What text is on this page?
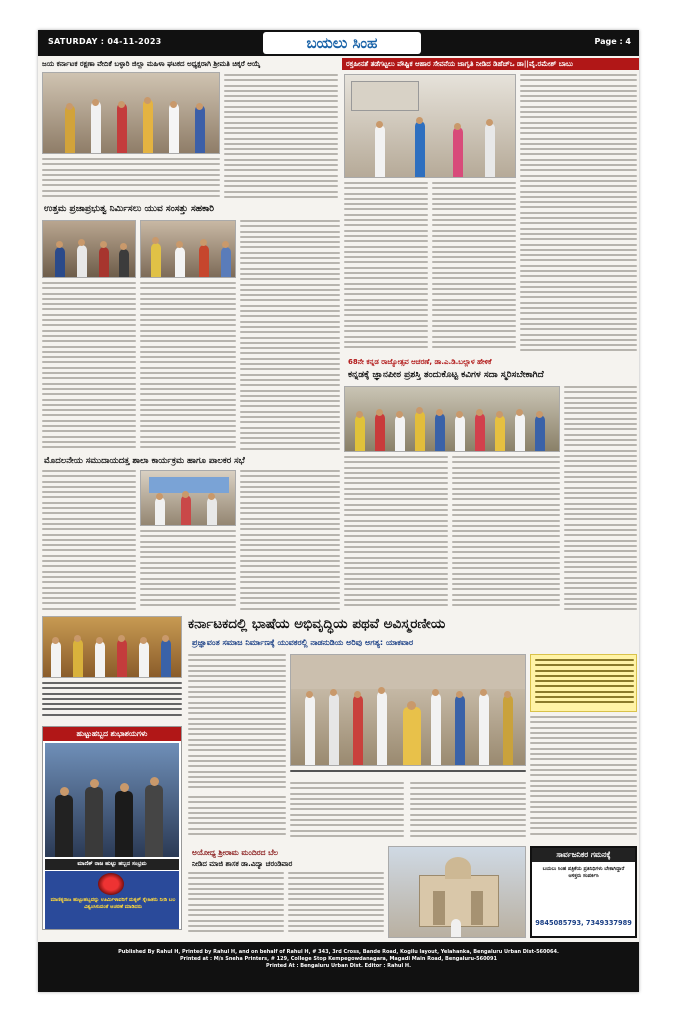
SATURDAY : 04-11-2023	ಬಯಲು ಸಿಂಹ	Page : 4
ಜಯ ಕರ್ನಾಟಕ ರಕ್ಷಣಾ ವೇದಿಕೆ ಬಳ್ಳಾರಿ ಜಿಲ್ಲಾ ಮಹಿಳಾ ಘಟಕದ ಅಧ್ಯಕ್ಷರಾಗಿ ಶ್ರೀಮತಿ ಚಿಕ್ಕರೆ ಆಯ್ಕೆ
ಉತ್ತಮ ಪ್ರಜಾಪ್ರಭುತ್ವ ನಿರ್ಮಿಸಲು ಯುವ ಸಂಸತ್ತು ಸಹಕಾರಿ
ರಕ್ತಹೀನತೆ ತಡೆಗಟ್ಟಲು ಪೌಷ್ಟಿಕ ಆಹಾರ ಸೇವನೆಯ ಜಾಗೃತಿ ನೀಡಿದ ಡಿಹೆಚ್ಒ ಡಾ||ವೈ.ರಮೇಶ್ ಬಾಬು
68ನೇ ಕನ್ನಡ ರಾಜ್ಯೋತ್ಸವ ಆಚರಣೆ, ಡಾ.ಎ.ಡಿ.ಬಲ್ಲಾಳ ಹೇಳಿಕೆ
ಕನ್ನಡಕ್ಕೆ ಜ್ಞಾನಪೀಠ ಪ್ರಶಸ್ತಿ ತಂದುಕೊಟ್ಟ ಕವಿಗಳ ಸದಾ ಸ್ಮರಿಸಬೇಕಾಗಿದೆ
ಮೊದಲನೇಯ ಸಮುದಾಯದತ್ತ ಶಾಲಾ ಕಾರ್ಯಕ್ರಮ ಹಾಗೂ ಪಾಲಕರ ಸಭೆ
ಹುಟ್ಟುಹಬ್ಬದ ಶುಭಾಶಯಗಳು
ಮಾಣಿಕ್ ರಾಜ ಹುಟ್ಟು ಹಬ್ಬದ ಸಂಭ್ರಮ
ಮಾಣಿಕ್ಯರಾಜ ಹುಟ್ಟುಹಬ್ಬವನ್ನು ಊರ್ಮಿಳಾವರಿಗೆ ಮಕ್ಕಳ್ ಸ್ನೇಹಿತರು ನೀಡಿ ಬಲ ವಿಶ್ವಂಸಿಸುವಂತೆ ಆಚರಣೆ ಮಾಡಿದರು
ಕರ್ನಾಟಕದಲ್ಲಿ ಭಾಷೆಯ ಅಭಿವೃದ್ಧಿಯ ಪಥವೆ ಅವಿಸ್ಮರಣೀಯ
ಪ್ರಜ್ಞಾವಂತ ಸಮಾಜ ನಿರ್ಮಾಣಕ್ಕೆ ಯುವಕರಲ್ಲಿ ನಾಡನುಡಿಯ ಅರಿವು ಅಗತ್ಯ: ಯಾಕವಾರ
ಅಯೋಧ್ಯ ಶ್ರೀರಾಮ ಮಂದಿರದ ಬೆಲ
ನೀಡಿದ ಮಾಜಿ ಶಾಸಕ ಡಾ.ವಿದ್ಯಾ ಚರಂಡಿವಾರ
ಸಾರ್ವಜನಿಕರ ಗಮನಕ್ಕೆ
ಬಯಲು ಸಿಂಹ ಪತ್ರಿಕೆಯ ಪ್ರತಿನಿಧಿಗಳು ಬೇಕಾಗಿದ್ದಾರೆ ಆಸಕ್ತರು ಸಂಪರ್ಕಿಸಿ
9845085793, 7349337989
Published By Rahul H, Printed by Rahul H, and on behalf of Rahul H, # 343, 3rd Cross, Bande Road, Kogilu layout, Yelahanka, Bengaluru Urban Dist-560064.
Printed at : M/s Sneha Printers, # 129, College Stop Kempegowdanagara, Magadi Main Road, Bengaluru-560091
Printed At : Bengaluru Urban Dist. Editor : Rahul H.
